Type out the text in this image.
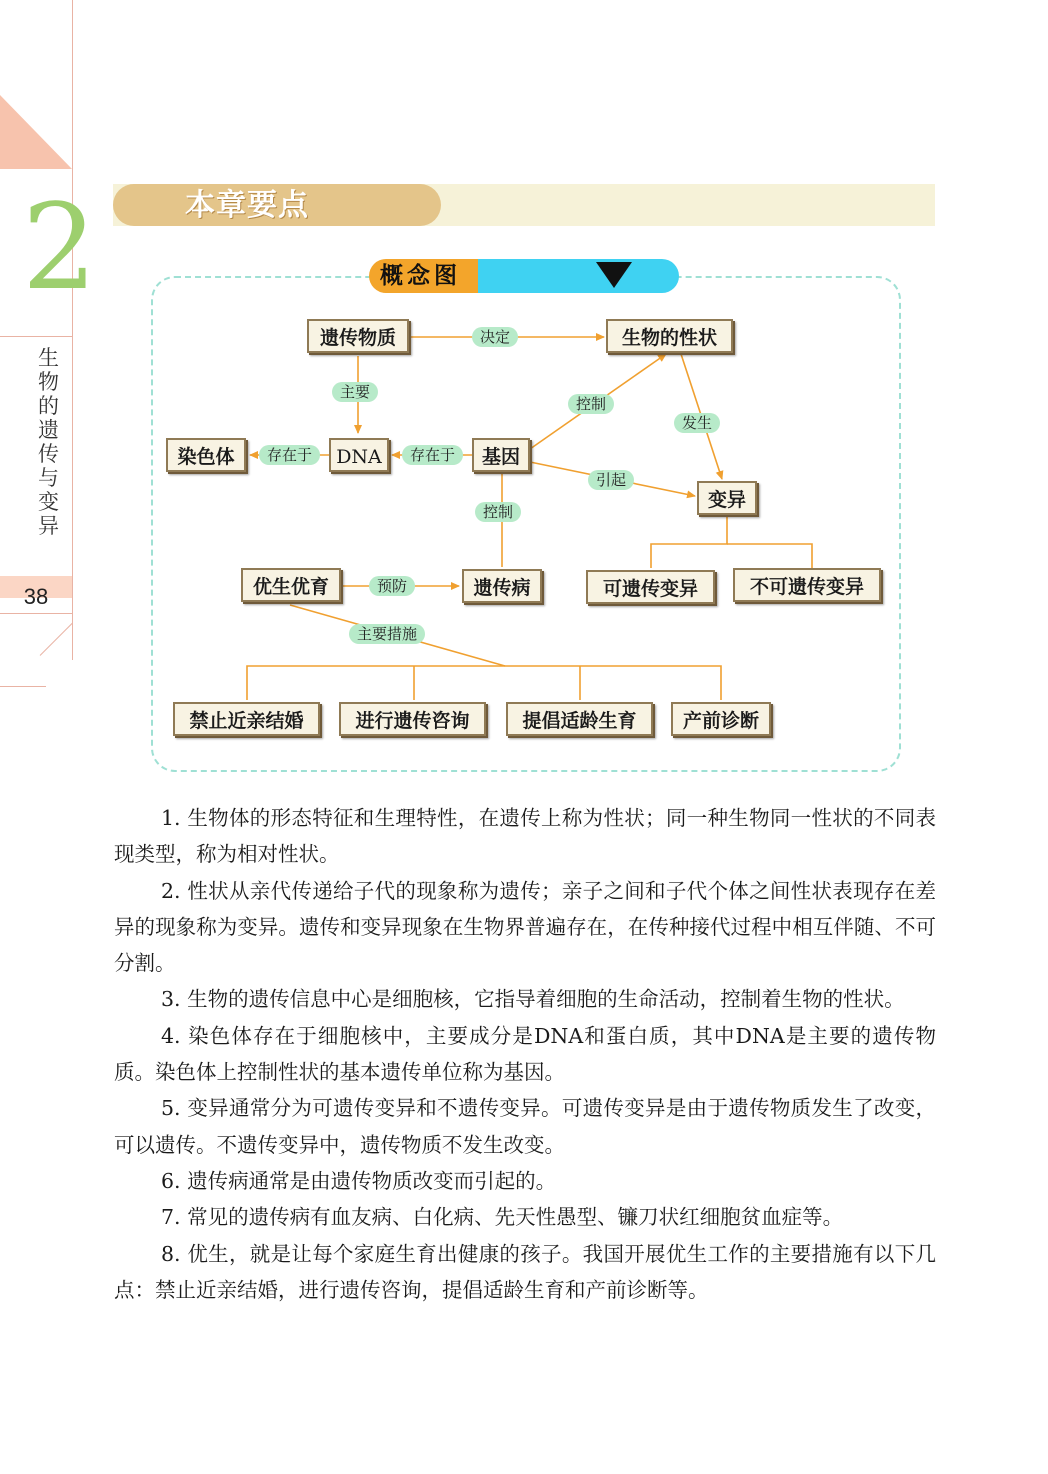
2
生物的遗传与变异
38
本章要点
概念图
遗传物质	生物的性状
染色体	DNA	基因
变异
可遗传变异	不可遗传变异
优生优育	遗传病
禁止近亲结婚	进行遗传咨询	提倡适龄生育	产前诊断
决定
主要
控制
发生
存在于	存在于
引起
控制
预防
主要措施

1. 生物体的形态特征和生理特性，在遗传上称为性状；同一种生物同一性状的不同表现类型，称为相对性状。

2. 性状从亲代传递给子代的现象称为遗传；亲子之间和子代个体之间性状表现存在差异的现象称为变异。遗传和变异现象在生物界普遍存在，在传种接代过程中相互伴随、不可分割。

3. 生物的遗传信息中心是细胞核，它指导着细胞的生命活动，控制着生物的性状。

4. 染色体存在于细胞核中，主要成分是DNA和蛋白质，其中DNA是主要的遗传物质。染色体上控制性状的基本遗传单位称为基因。

5. 变异通常分为可遗传变异和不遗传变异。可遗传变异是由于遗传物质发生了改变，可以遗传。不遗传变异中，遗传物质不发生改变。

6. 遗传病通常是由遗传物质改变而引起的。

7. 常见的遗传病有血友病、白化病、先天性愚型、镰刀状红细胞贫血症等。

8. 优生，就是让每个家庭生育出健康的孩子。我国开展优生工作的主要措施有以下几点：禁止近亲结婚，进行遗传咨询，提倡适龄生育和产前诊断等。
